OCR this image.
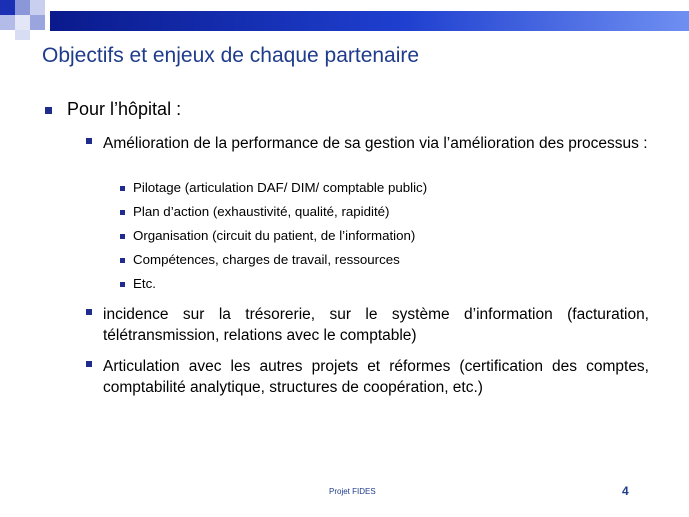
Objectifs et enjeux de chaque partenaire
Pour l’hôpital :
Amélioration de la performance de sa gestion via l’amélioration des processus :
Pilotage (articulation DAF/ DIM/ comptable public)
Plan d’action (exhaustivité, qualité, rapidité)
Organisation (circuit du patient, de l’information)
Compétences, charges de travail, ressources
Etc.
incidence sur la trésorerie, sur le système d’information (facturation, télétransmission, relations avec le comptable)
Articulation avec les autres projets et réformes (certification des comptes, comptabilité analytique, structures de coopération, etc.)
Projet FIDES	4
